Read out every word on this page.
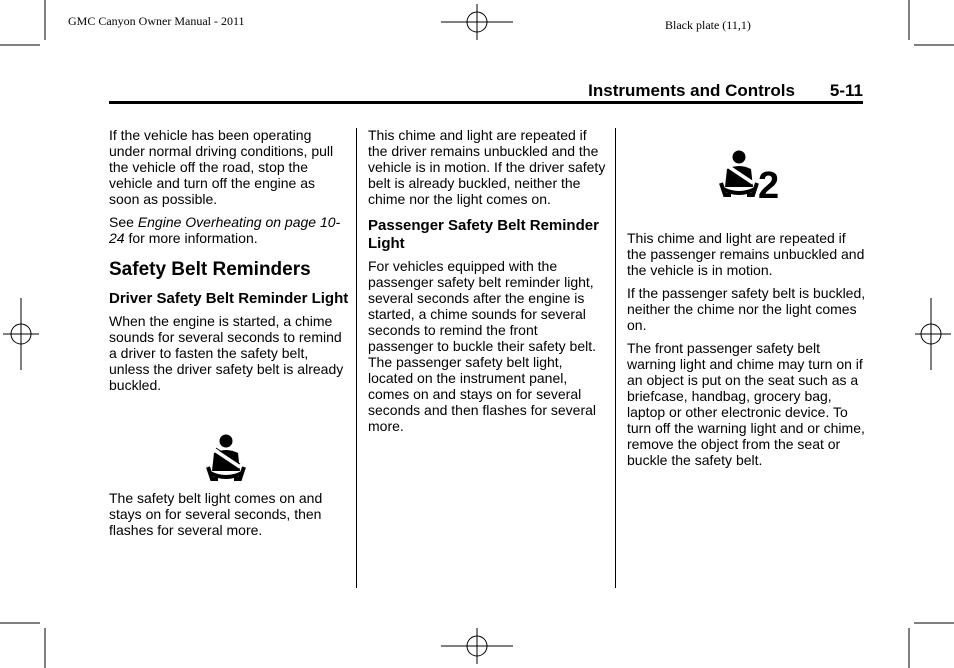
GMC Canyon Owner Manual - 2011	Black plate (11,1)
Instruments and Controls 5-11

If the vehicle has been operating under normal driving conditions, pull the vehicle off the road, stop the vehicle and turn off the engine as soon as possible.

See Engine Overheating on page 10-24 for more information.

Safety Belt Reminders
Driver Safety Belt Reminder Light

When the engine is started, a chime sounds for several seconds to remind a driver to fasten the safety belt, unless the driver safety belt is already buckled.

The safety belt light comes on and stays on for several seconds, then flashes for several more.

This chime and light are repeated if the driver remains unbuckled and the vehicle is in motion. If the driver safety belt is already buckled, neither the chime nor the light comes on.

Passenger Safety Belt Reminder Light

For vehicles equipped with the passenger safety belt reminder light, several seconds after the engine is started, a chime sounds for several seconds to remind the front passenger to buckle their safety belt. The passenger safety belt light, located on the instrument panel, comes on and stays on for several seconds and then flashes for several more.

2

This chime and light are repeated if the passenger remains unbuckled and the vehicle is in motion.

If the passenger safety belt is buckled, neither the chime nor the light comes on.

The front passenger safety belt warning light and chime may turn on if an object is put on the seat such as a briefcase, handbag, grocery bag, laptop or other electronic device. To turn off the warning light and or chime, remove the object from the seat or buckle the safety belt.
